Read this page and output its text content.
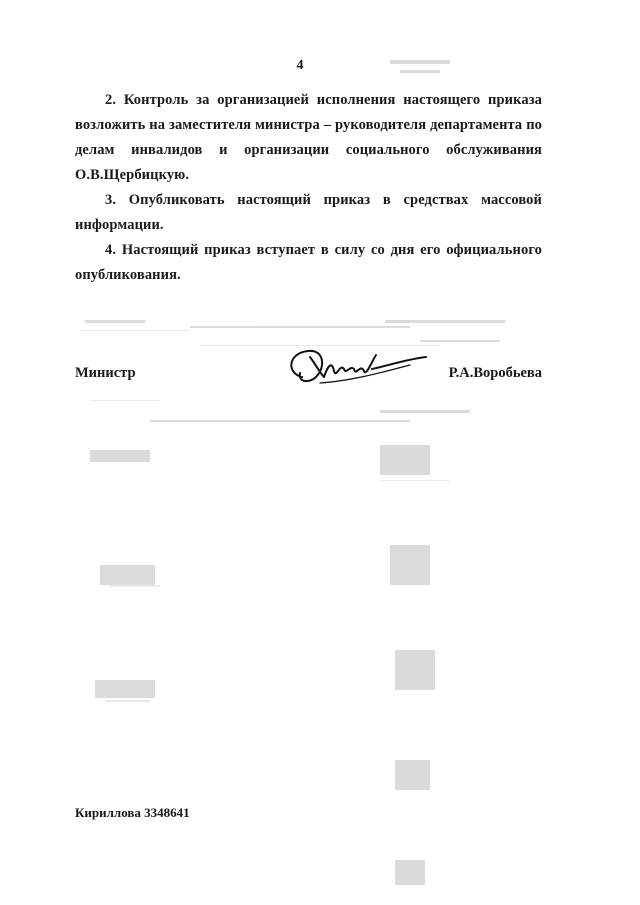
4

2. Контроль за организацией исполнения настоящего приказа

возложить на заместителя министра – руководителя департамента по

делам инвалидов и организации социального обслуживания

О.В.Щербицкую.

3. Опубликовать настоящий приказ в средствах массовой

информации.

4. Настоящий приказ вступает в силу со дня его официального

опубликования.

Министр	Р.А.Воробьева
Кириллова 3348641
